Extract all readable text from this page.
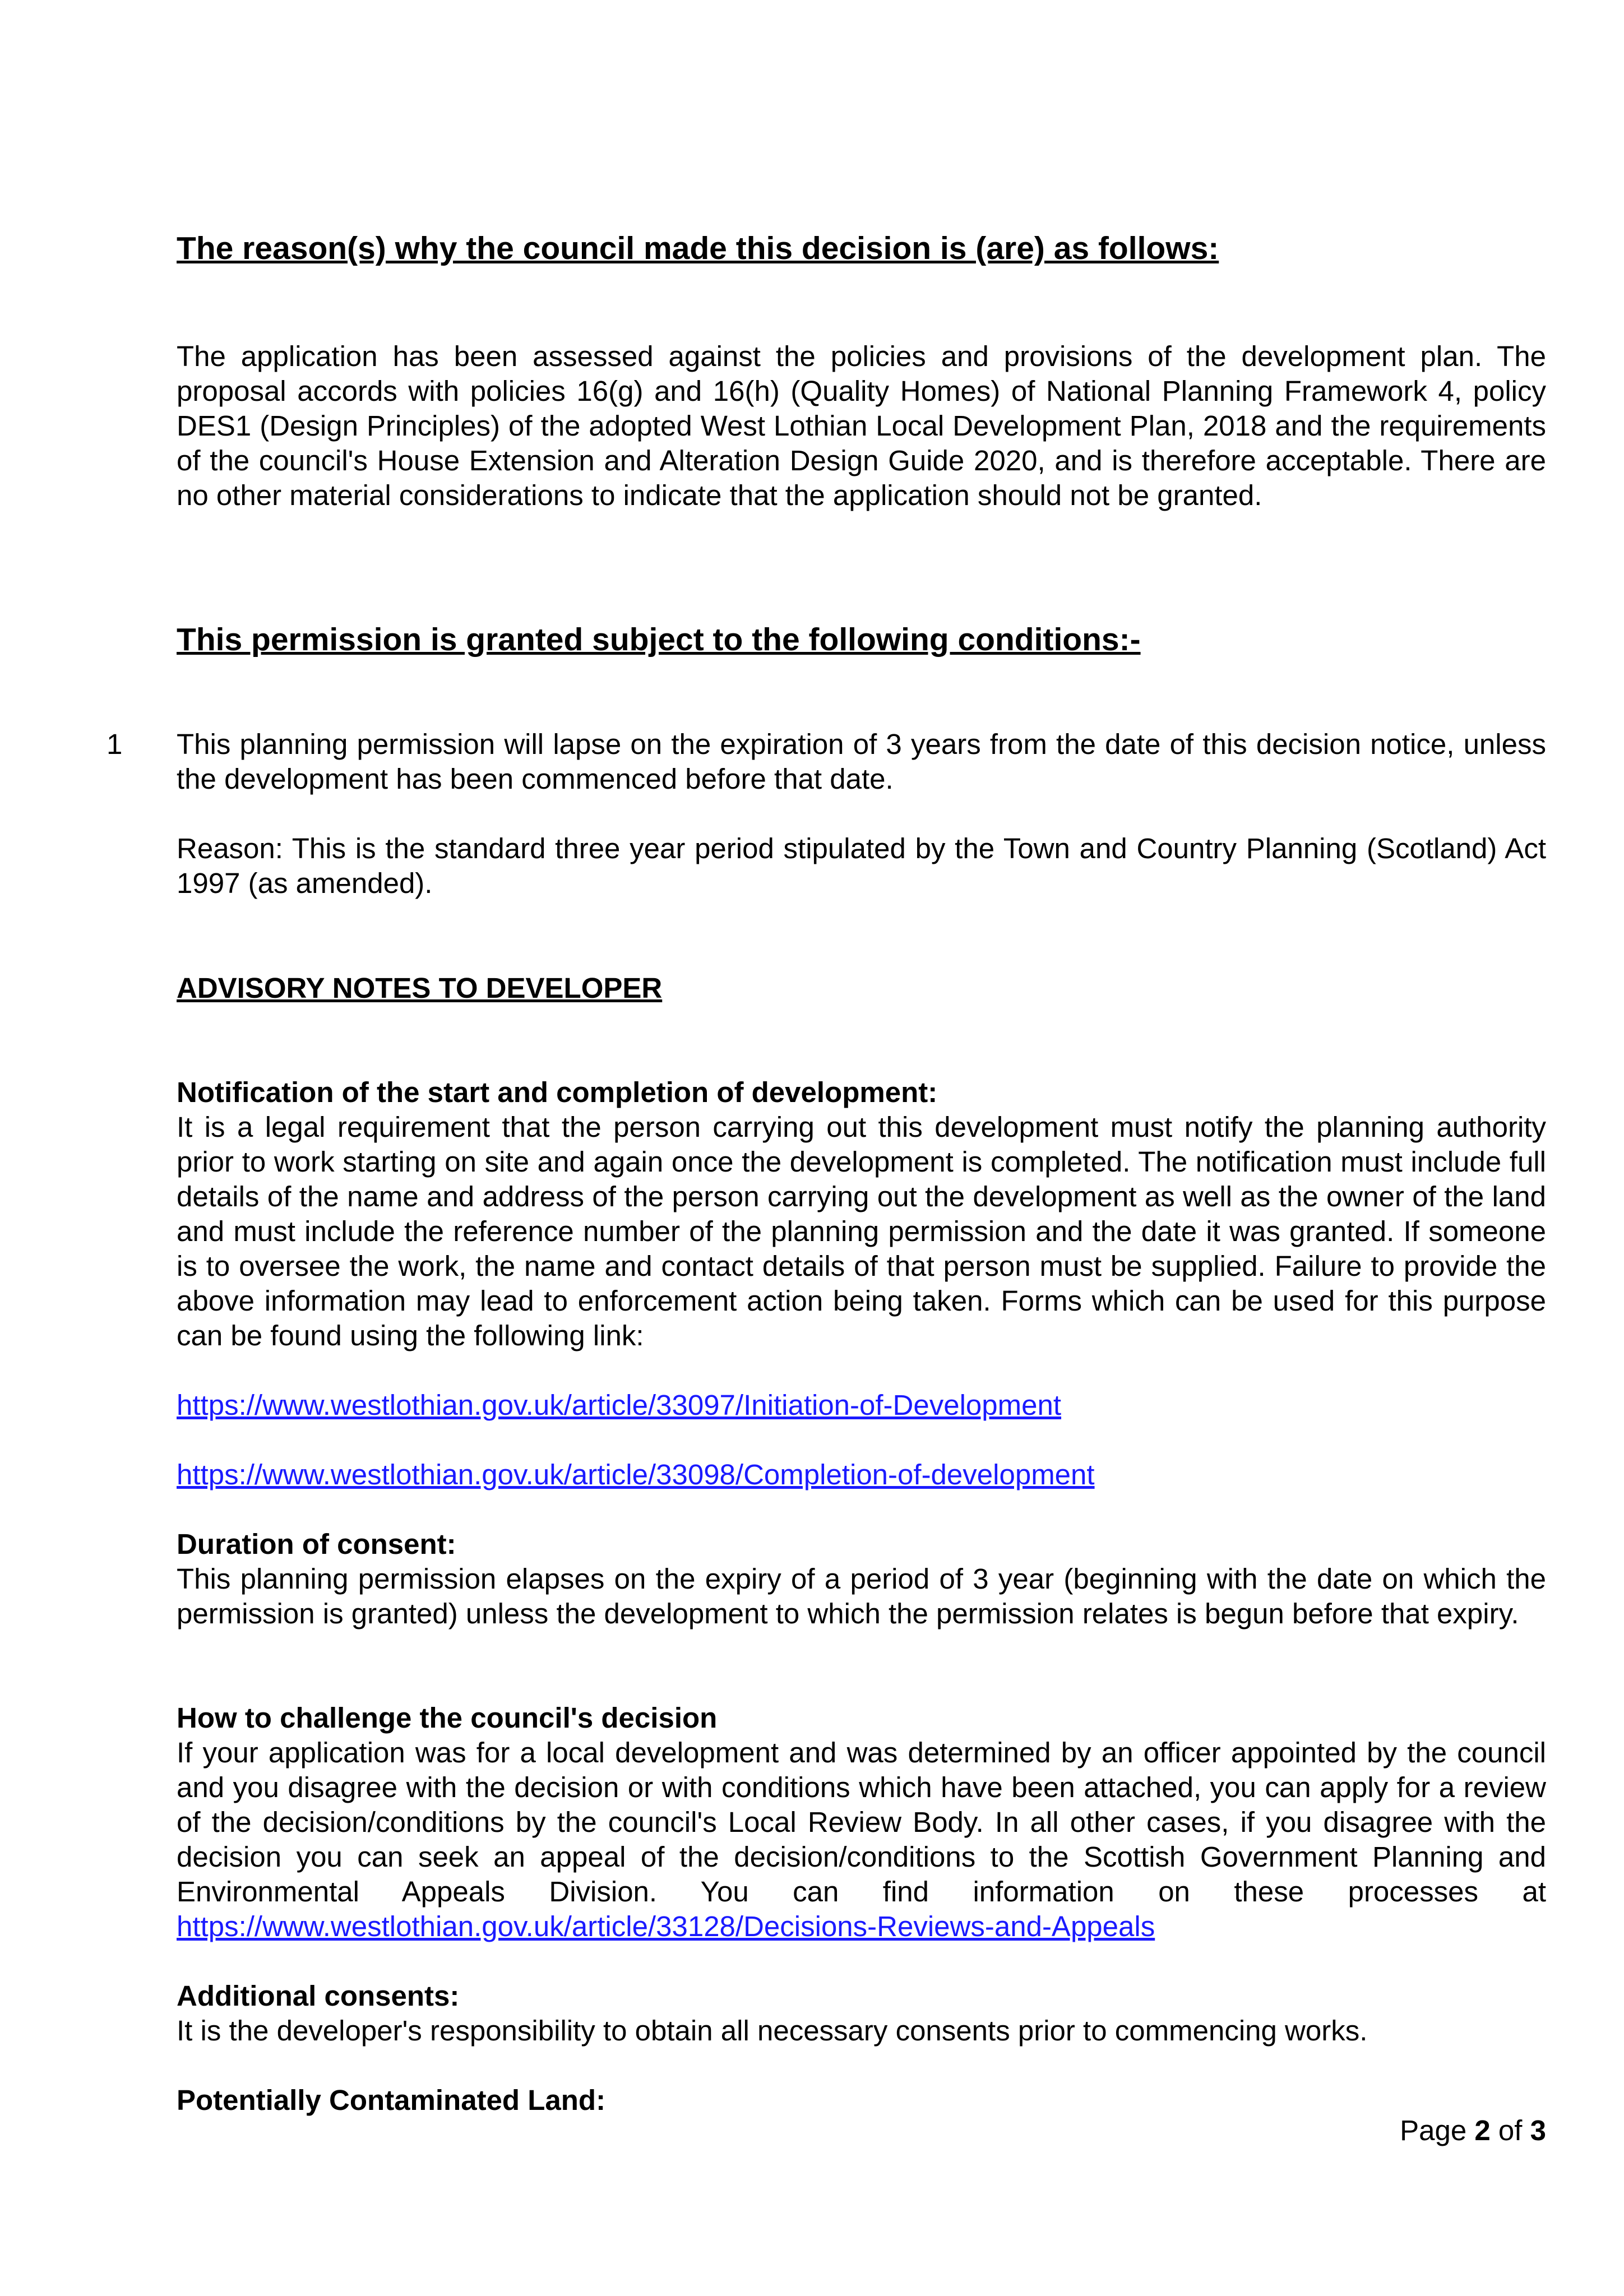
The reason(s) why the council made this decision is (are) as follows:

The application has been assessed against the policies and provisions of the development plan. The proposal accords with policies 16(g) and 16(h) (Quality Homes) of National Planning Framework 4, policy DES1 (Design Principles) of the adopted West Lothian Local Development Plan, 2018 and the requirements of the council's House Extension and Alteration Design Guide 2020, and is therefore acceptable. There are no other material considerations to indicate that the application should not be granted.

This permission is granted subject to the following conditions:-
1 This planning permission will lapse on the expiration of 3 years from the date of this decision notice, unless the development has been commenced before that date.

Reason: This is the standard three year period stipulated by the Town and Country Planning (Scotland) Act 1997 (as amended).

ADVISORY NOTES TO DEVELOPER
Notification of the start and completion of development:

It is a legal requirement that the person carrying out this development must notify the planning authority prior to work starting on site and again once the development is completed. The notification must include full details of the name and address of the person carrying out the development as well as the owner of the land and must include the reference number of the planning permission and the date it was granted. If someone is to oversee the work, the name and contact details of that person must be supplied. Failure to provide the above information may lead to enforcement action being taken. Forms which can be used for this purpose can be found using the following link:

https://www.westlothian.gov.uk/article/33097/Initiation-of-Development
https://www.westlothian.gov.uk/article/33098/Completion-of-development
Duration of consent:

This planning permission elapses on the expiry of a period of 3 year (beginning with the date on which the permission is granted) unless the development to which the permission relates is begun before that expiry.

How to challenge the council's decision

If your application was for a local development and was determined by an officer appointed by the council and you disagree with the decision or with conditions which have been attached, you can apply for a review of the decision/conditions by the council's Local Review Body. In all other cases, if you disagree with the decision you can seek an appeal of the decision/conditions to the Scottish Government Planning and Environmental Appeals Division. You can find information on these processes at https://www.westlothian.gov.uk/article/33128/Decisions-Reviews-and-Appeals

Additional consents:

It is the developer's responsibility to obtain all necessary consents prior to commencing works.

Potentially Contaminated Land:
Page 2 of 3
